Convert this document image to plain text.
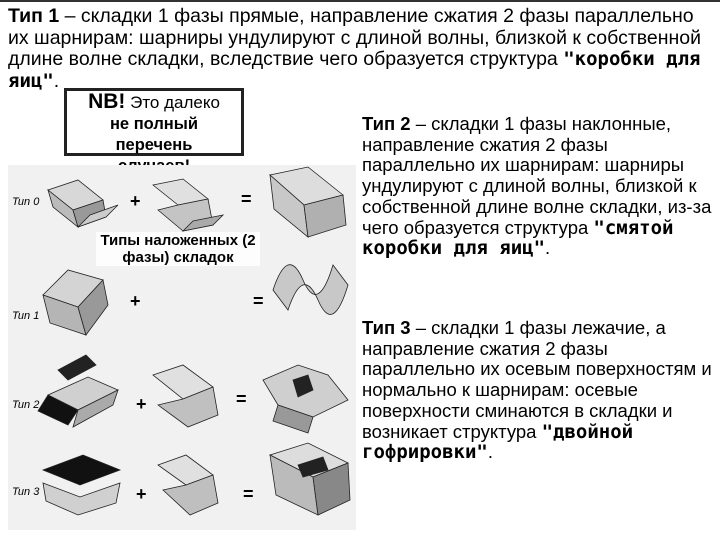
Тип 1 – складки 1 фазы прямые, направление сжатия 2 фазы параллельно их шарнирам: шарниры ундулируют с длиной волны, близкой к собственной длине волне складки, вследствие чего образуется структура "коробки для яиц".
NB! Это далеко
не полный
перечень
Tun 0	+	=
Tun 1
+	=
Tun 2	+	=
Tun 3	+	=
Типы наложенных (2 фазы) складок
Тип 2 – складки 1 фазы наклонные, направление сжатия 2 фазы параллельно их шарнирам: шарниры ундулируют с длиной волны, близкой к собственной длине волне складки, из-за чего образуется структура "смятой коробки для яиц".
Тип 3 – складки 1 фазы лежачие, а направление сжатия 2 фазы параллельно их осевым поверхностям и нормально к шарнирам: осевые поверхности сминаются в складки и возникает структура "двойной гофрировки".
